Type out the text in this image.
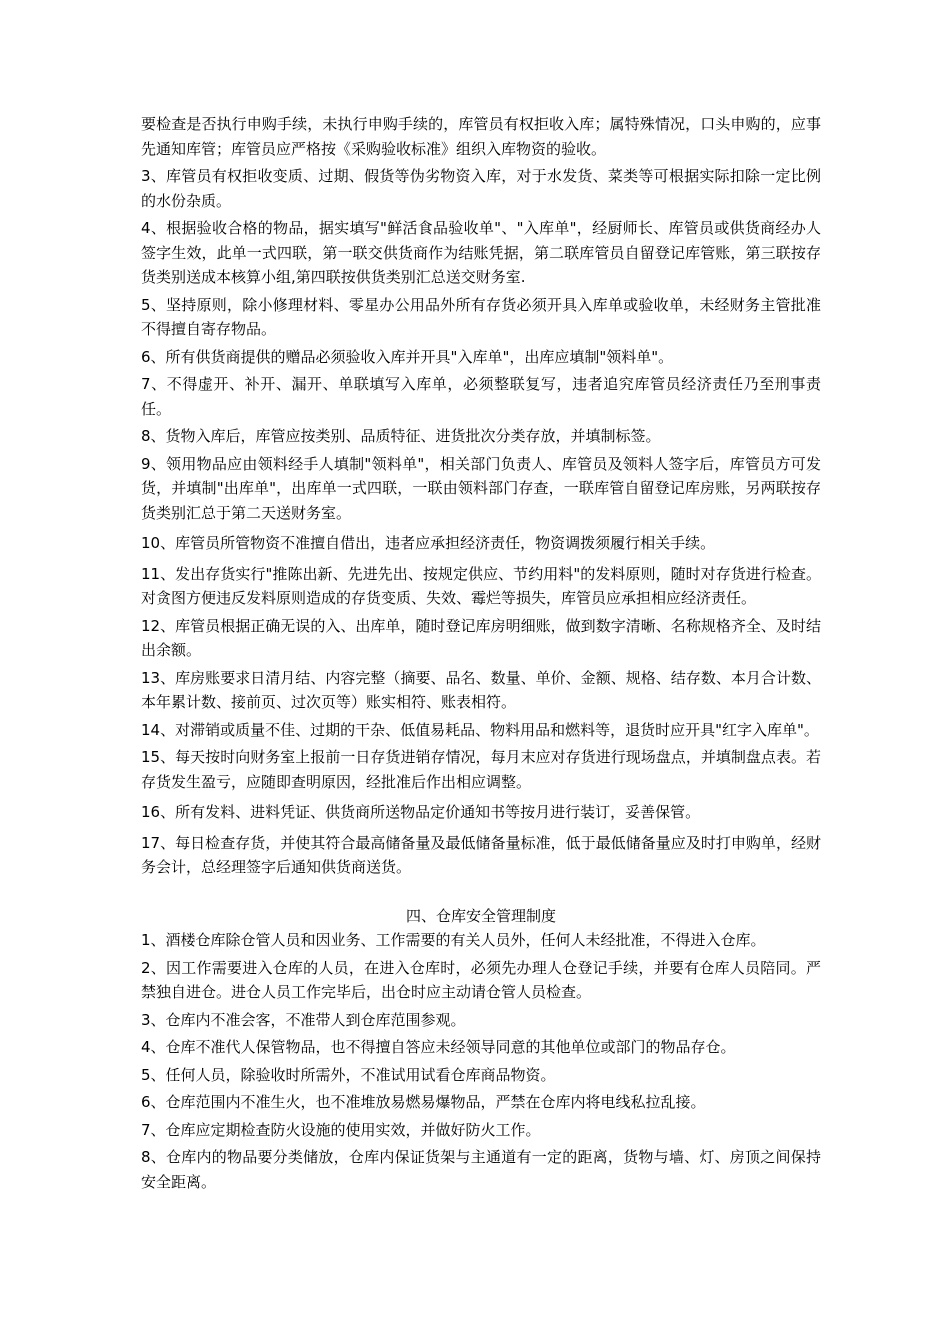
要检查是否执行申购手续，未执行申购手续的，库管员有权拒收入库；属特殊情况，口头申购的，应事先通知库管；库管员应严格按《采购验收标准》组织入库物资的验收。

3、库管员有权拒收变质、过期、假货等伪劣物资入库，对于水发货、菜类等可根据实际扣除一定比例的水份杂质。

4、根据验收合格的物品，据实填写"鲜活食品验收单"、"入库单"，经厨师长、库管员或供货商经办人签字生效，此单一式四联，第一联交供货商作为结账凭据，第二联库管员自留登记库管账，第三联按存货类别送成本核算小组,第四联按供货类别汇总送交财务室.

5、坚持原则，除小修理材料、零星办公用品外所有存货必须开具入库单或验收单，未经财务主管批准不得擅自寄存物品。

6、所有供货商提供的赠品必须验收入库并开具"入库单"，出库应填制"领料单"。

7、不得虚开、补开、漏开、单联填写入库单，必须整联复写，违者追究库管员经济责任乃至刑事责任。

8、货物入库后，库管应按类别、品质特征、进货批次分类存放，并填制标签。

9、领用物品应由领料经手人填制"领料单"，相关部门负责人、库管员及领料人签字后，库管员方可发货，并填制"出库单"，出库单一式四联，一联由领料部门存查，一联库管自留登记库房账，另两联按存货类别汇总于第二天送财务室。

10、库管员所管物资不准擅自借出，违者应承担经济责任，物资调拨须履行相关手续。

11、发出存货实行"推陈出新、先进先出、按规定供应、节约用料"的发料原则，随时对存货进行检查。对贪图方便违反发料原则造成的存货变质、失效、霉烂等损失，库管员应承担相应经济责任。

12、库管员根据正确无误的入、出库单，随时登记库房明细账，做到数字清晰、名称规格齐全、及时结出余额。

13、库房账要求日清月结、内容完整（摘要、品名、数量、单价、金额、规格、结存数、本月合计数、本年累计数、接前页、过次页等）账实相符、账表相符。

14、对滞销或质量不佳、过期的干杂、低值易耗品、物料用品和燃料等，退货时应开具"红字入库单"。

15、每天按时向财务室上报前一日存货进销存情况，每月末应对存货进行现场盘点，并填制盘点表。若存货发生盈亏，应随即查明原因，经批准后作出相应调整。

16、所有发料、进料凭证、供货商所送物品定价通知书等按月进行装订，妥善保管。

17、每日检查存货，并使其符合最高储备量及最低储备量标准，低于最低储备量应及时打申购单，经财务会计，总经理签字后通知供货商送货。

四、仓库安全管理制度

1、酒楼仓库除仓管人员和因业务、工作需要的有关人员外，任何人未经批准，不得进入仓库。

2、因工作需要进入仓库的人员，在进入仓库时，必须先办理人仓登记手续，并要有仓库人员陪同。严禁独自进仓。进仓人员工作完毕后，出仓时应主动请仓管人员检查。

3、仓库内不准会客，不准带人到仓库范围参观。

4、仓库不准代人保管物品，也不得擅自答应未经领导同意的其他单位或部门的物品存仓。

5、任何人员，除验收时所需外，不准试用试看仓库商品物资。

6、仓库范围内不准生火，也不准堆放易燃易爆物品，严禁在仓库内将电线私拉乱接。

7、仓库应定期检查防火设施的使用实效，并做好防火工作。

8、仓库内的物品要分类储放，仓库内保证货架与主通道有一定的距离，货物与墙、灯、房顶之间保持安全距离。
